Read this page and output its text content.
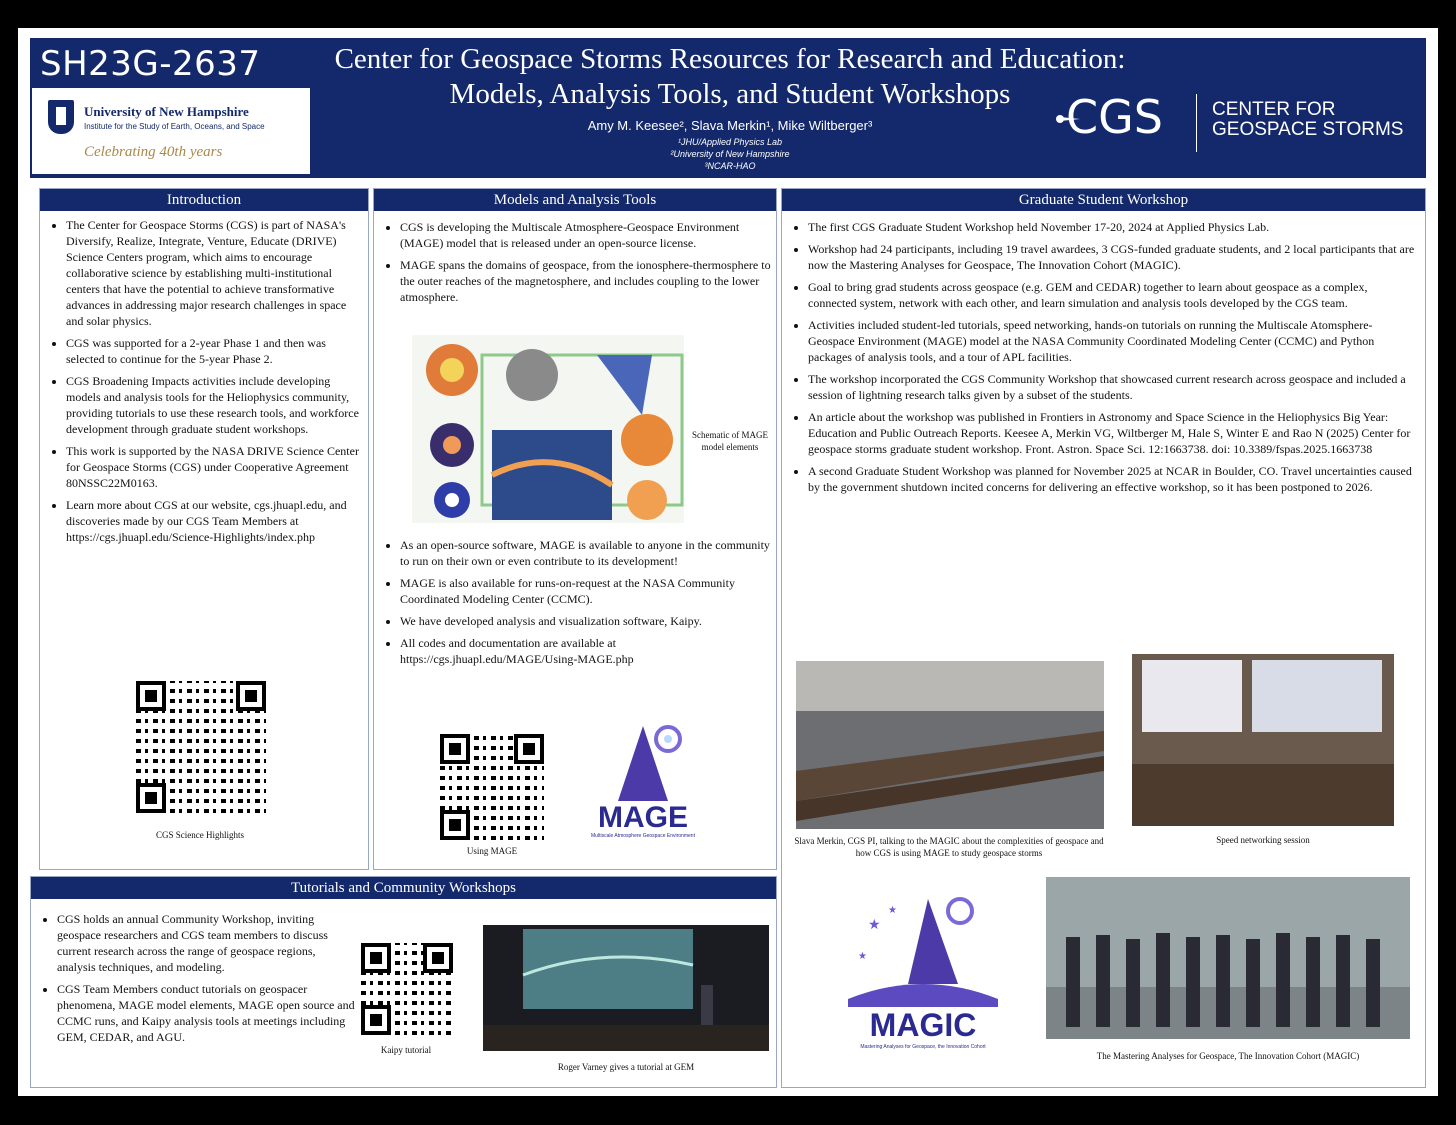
SH23G-2637
University of New Hampshire
Institute for the Study of Earth, Oceans, and Space
Celebrating 40th years
Center for Geospace Storms Resources for Research and Education:
Models, Analysis Tools, and Student Workshops
Amy M. Keesee², Slava Merkin¹, Mike Wiltberger³
¹JHU/Applied Physics Lab
²University of New Hampshire
³NCAR-HAO
CGS	CENTER FOR
GEOSPACE STORMS
Introduction
• The Center for Geospace Storms (CGS) is part of NASA's Diversify, Realize, Integrate, Venture, Educate (DRIVE) Science Centers program, which aims to encourage collaborative science by establishing multi-institutional centers that have the potential to achieve transformative advances in addressing major research challenges in space and solar physics.
• CGS was supported for a 2-year Phase 1 and then was selected to continue for the 5-year Phase 2.
• CGS Broadening Impacts activities include developing models and analysis tools for the Heliophysics community, providing tutorials to use these research tools, and workforce development through graduate student workshops.
• This work is supported by the NASA DRIVE Science Center for Geospace Storms (CGS) under Cooperative Agreement 80NSSC22M0163.
• Learn more about CGS at our website, cgs.jhuapl.edu, and discoveries made by our CGS Team Members at https://cgs.jhuapl.edu/Science-Highlights/index.php
CGS Science Highlights
Models and Analysis Tools
• CGS is developing the Multiscale Atmosphere-Geospace Environment (MAGE) model that is released under an open-source license.
• MAGE spans the domains of geospace, from the ionosphere-thermosphere to the outer reaches of the magnetosphere, and includes coupling to the lower atmosphere.
Schematic of MAGE model elements
• As an open-source software, MAGE is available to anyone in the community to run on their own or even contribute to its development!
• MAGE is also available for runs-on-request at the NASA Community Coordinated Modeling Center (CCMC).
• We have developed analysis and visualization software, Kaipy.
• All codes and documentation are available at https://cgs.jhuapl.edu/MAGE/Using-MAGE.php
Using MAGE
MAGE
Multiscale Atmosphere Geospace Environment
Graduate Student Workshop
• The first CGS Graduate Student Workshop held November 17-20, 2024 at Applied Physics Lab.
• Workshop had 24 participants, including 19 travel awardees, 3 CGS-funded graduate students, and 2 local participants that are now the Mastering Analyses for Geospace, The Innovation Cohort (MAGIC).
• Goal to bring grad students across geospace (e.g. GEM and CEDAR) together to learn about geospace as a complex, connected system, network with each other, and learn simulation and analysis tools developed by the CGS team.
• Activities included student-led tutorials, speed networking, hands-on tutorials on running the Multiscale Atomsphere-Geospace Environment (MAGE) model at the NASA Community Coordinated Modeling Center (CCMC) and Python packages of analysis tools, and a tour of APL facilities.
• The workshop incorporated the CGS Community Workshop that showcased current research across geospace and included a session of lightning research talks given by a subset of the students.
• An article about the workshop was published in Frontiers in Astronomy and Space Science in the Heliophysics Big Year: Education and Public Outreach Reports. Keesee A, Merkin VG, Wiltberger M, Hale S, Winter E and Rao N (2025) Center for geospace storms graduate student workshop. Front. Astron. Space Sci. 12:1663738. doi: 10.3389/fspas.2025.1663738
• A second Graduate Student Workshop was planned for November 2025 at NCAR in Boulder, CO. Travel uncertainties caused by the government shutdown incited concerns for delivering an effective workshop, so it has been postponed to 2026.
Slava Merkin, CGS PI, talking to the MAGIC about the complexities of geospace and how CGS is using MAGE to study geospace storms
Speed networking session
★
★
★
MAGIC
Mastering Analyses for Geospace, the Innovation Cohort
The Mastering Analyses for Geospace, The Innovation Cohort (MAGIC)
Tutorials and Community Workshops
• CGS holds an annual Community Workshop, inviting geospace researchers and CGS team members to discuss current research across the range of geospace regions, analysis techniques, and modeling.
• CGS Team Members conduct tutorials on geospacer phenomena, MAGE model elements, MAGE open source and CCMC runs, and Kaipy analysis tools at meetings including GEM, CEDAR, and AGU.
Kaipy tutorial
Roger Varney gives a tutorial at GEM
